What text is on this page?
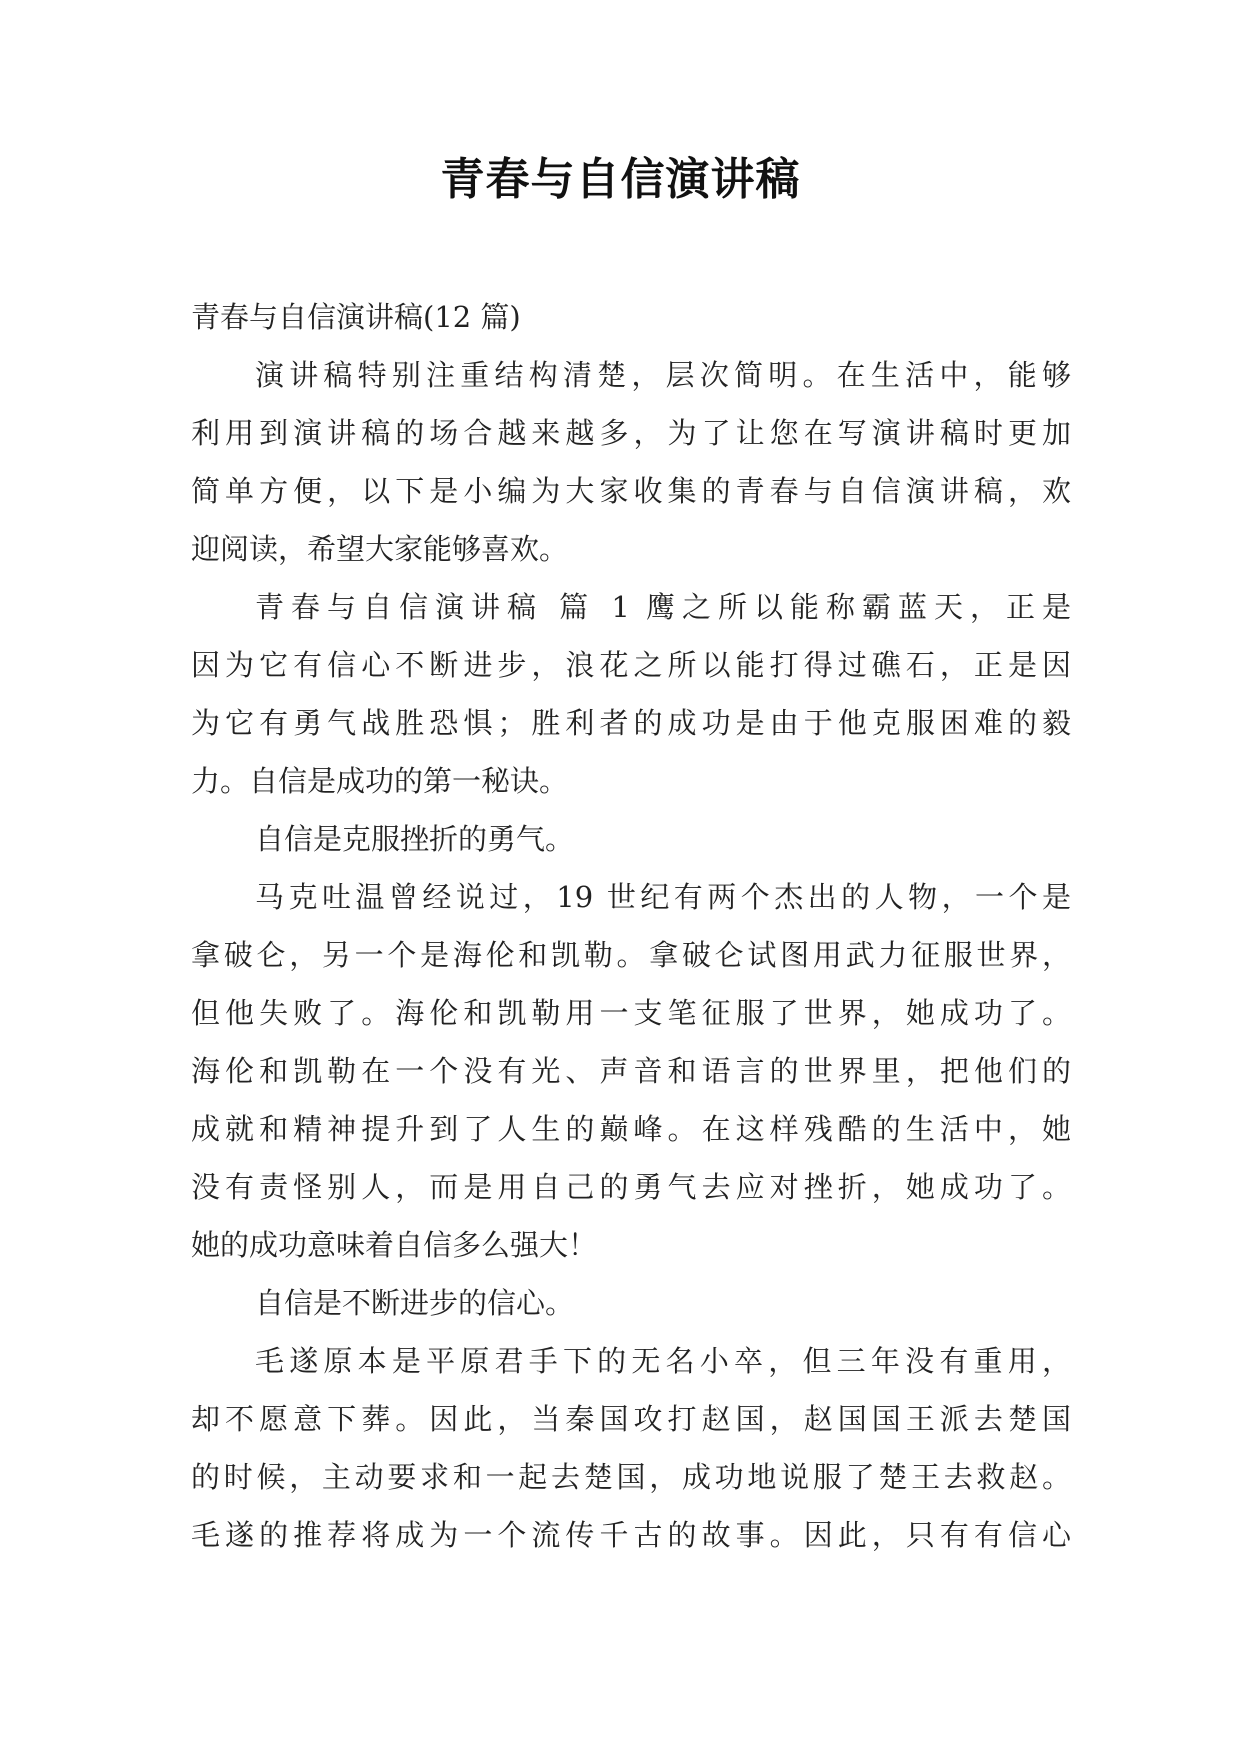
青春与自信演讲稿
青春与自信演讲稿(12 篇)
演讲稿特别注重结构清楚，层次简明。在生活中，能够
利用到演讲稿的场合越来越多，为了让您在写演讲稿时更加
简单方便，以下是小编为大家收集的青春与自信演讲稿，欢
迎阅读，希望大家能够喜欢。
青春与自信演讲稿 篇 1 鹰之所以能称霸蓝天，正是
因为它有信心不断进步，浪花之所以能打得过礁石，正是因
为它有勇气战胜恐惧；胜利者的成功是由于他克服困难的毅
力。自信是成功的第一秘诀。
自信是克服挫折的勇气。
马克吐温曾经说过，19 世纪有两个杰出的人物，一个是
拿破仑，另一个是海伦和凯勒。拿破仑试图用武力征服世界，
但他失败了。海伦和凯勒用一支笔征服了世界，她成功了。
海伦和凯勒在一个没有光、声音和语言的世界里，把他们的
成就和精神提升到了人生的巅峰。在这样残酷的生活中，她
没有责怪别人，而是用自己的勇气去应对挫折，她成功了。
她的成功意味着自信多么强大！
自信是不断进步的信心。
毛遂原本是平原君手下的无名小卒，但三年没有重用，
却不愿意下葬。因此，当秦国攻打赵国，赵国国王派去楚国
的时候，主动要求和一起去楚国，成功地说服了楚王去救赵。
毛遂的推荐将成为一个流传千古的故事。因此，只有有信心
